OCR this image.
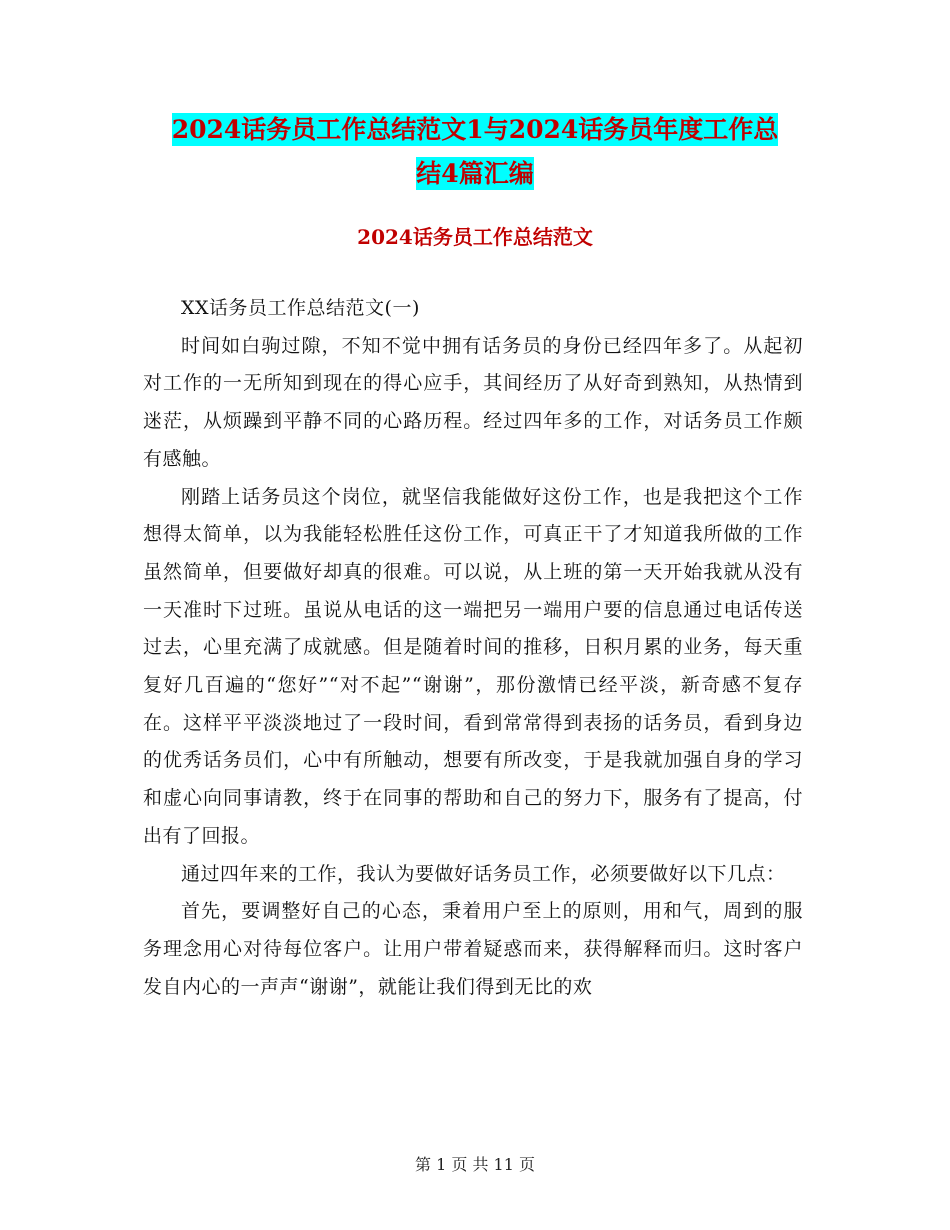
2024话务员工作总结范文1与2024话务员年度工作总
结4篇汇编
2024话务员工作总结范文

XX话务员工作总结范文(一)

时间如白驹过隙，不知不觉中拥有话务员的身份已经四年多了。从起初对工作的一无所知到现在的得心应手，其间经历了从好奇到熟知，从热情到迷茫，从烦躁到平静不同的心路历程。经过四年多的工作，对话务员工作颇有感触。

刚踏上话务员这个岗位，就坚信我能做好这份工作，也是我把这个工作想得太简单，以为我能轻松胜任这份工作，可真正干了才知道我所做的工作虽然简单，但要做好却真的很难。可以说，从上班的第一天开始我就从没有一天准时下过班。虽说从电话的这一端把另一端用户要的信息通过电话传送过去，心里充满了成就感。但是随着时间的推移，日积月累的业务，每天重复好几百遍的“您好”“对不起”“谢谢”，那份激情已经平淡，新奇感不复存在。这样平平淡淡地过了一段时间，看到常常得到表扬的话务员，看到身边的优秀话务员们，心中有所触动，想要有所改变，于是我就加强自身的学习和虚心向同事请教，终于在同事的帮助和自己的努力下，服务有了提高，付出有了回报。

通过四年来的工作，我认为要做好话务员工作，必须要做好以下几点：

首先，要调整好自己的心态，秉着用户至上的原则，用和气，周到的服务理念用心对待每位客户。让用户带着疑惑而来，获得解释而归。这时客户发自内心的一声声“谢谢”，就能让我们得到无比的欢

第 1 页 共 11 页
